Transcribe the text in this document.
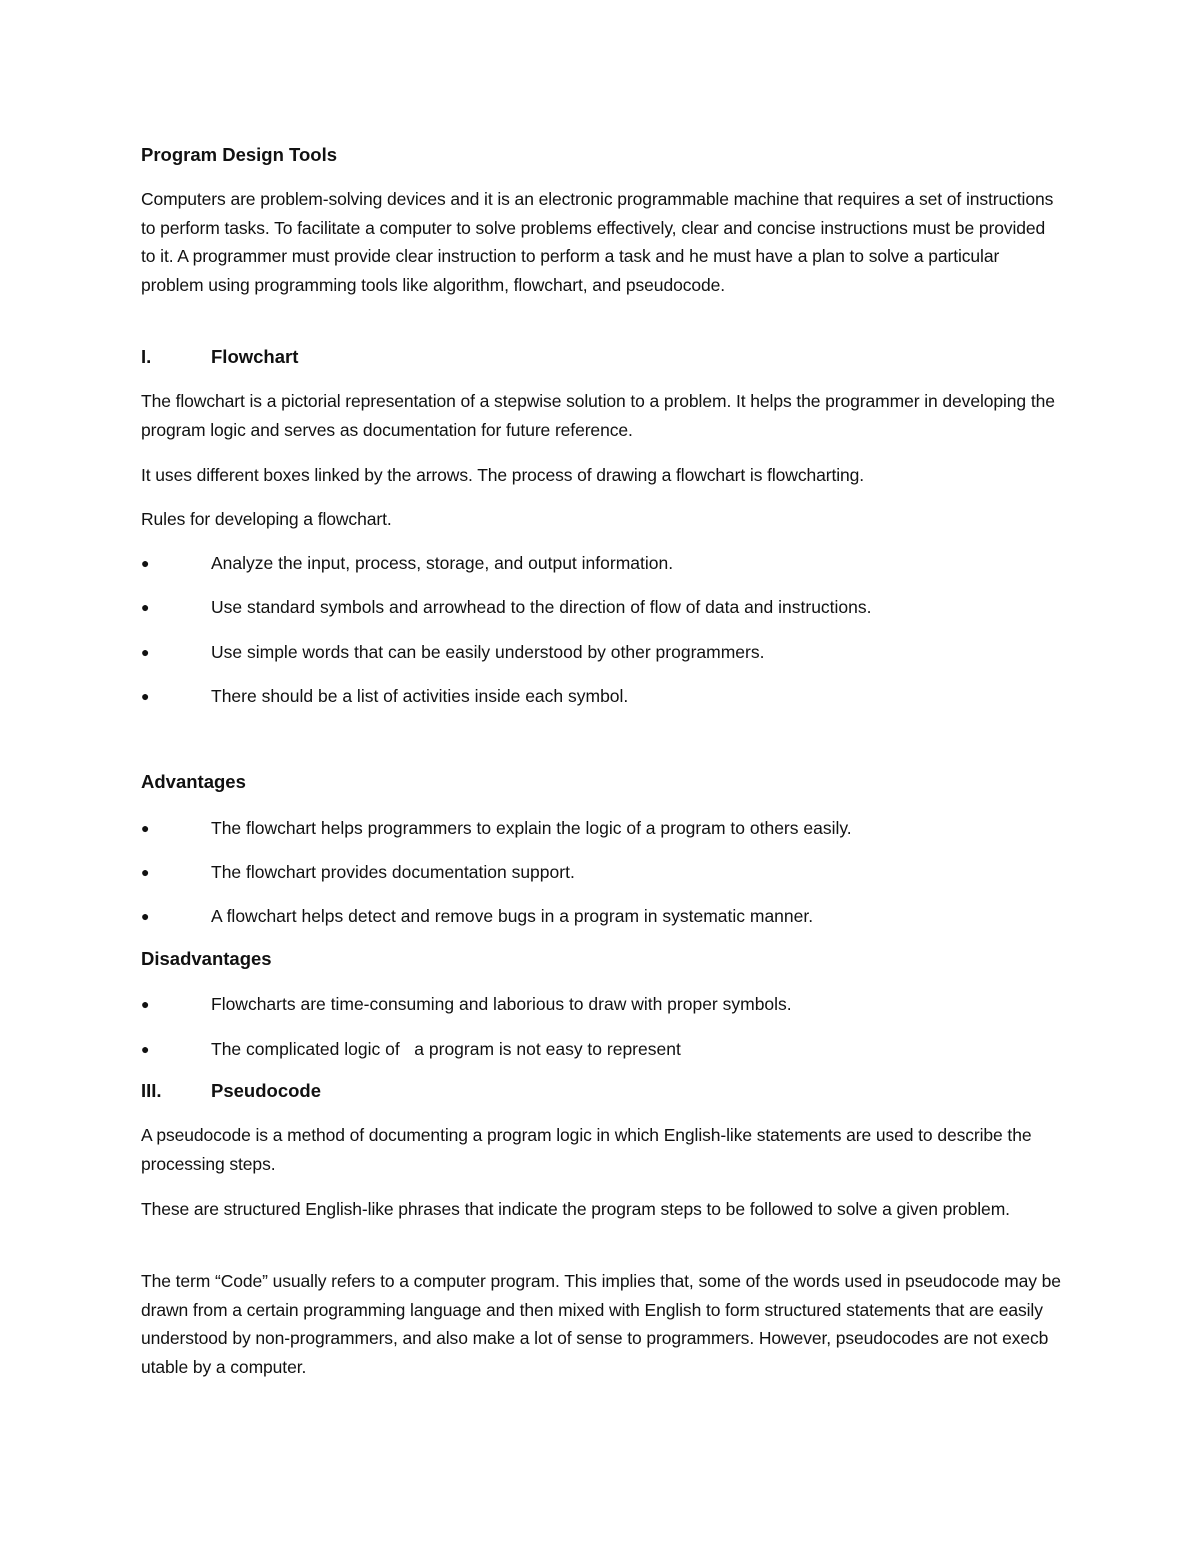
Program Design Tools
Computers are problem-solving devices and it is an electronic programmable machine that requires a set of instructions to perform tasks. To facilitate a computer to solve problems effectively, clear and concise instructions must be provided to it. A programmer must provide clear instruction to perform a task and he must have a plan to solve a particular problem using programming tools like algorithm, flowchart, and pseudocode.
I.	Flowchart
The flowchart is a pictorial representation of a stepwise solution to a problem. It helps the programmer in developing the program logic and serves as documentation for future reference.
It uses different boxes linked by the arrows. The process of drawing a flowchart is flowcharting.
Rules for developing a flowchart.
●	Analyze the input, process, storage, and output information.
●	Use standard symbols and arrowhead to the direction of flow of data and instructions.
●	Use simple words that can be easily understood by other programmers.
●	There should be a list of activities inside each symbol.
Advantages
●	The flowchart helps programmers to explain the logic of a program to others easily.
●	The flowchart provides documentation support.
●	A flowchart helps detect and remove bugs in a program in systematic manner.
Disadvantages
●	Flowcharts are time-consuming and laborious to draw with proper symbols.
●	The complicated logic of   a program is not easy to represent
III.	Pseudocode
A pseudocode is a method of documenting a program logic in which English-like statements are used to describe the processing steps.
These are structured English-like phrases that indicate the program steps to be followed to solve a given problem.
The term “Code” usually refers to a computer program. This implies that, some of the words used in pseudocode may be drawn from a certain programming language and then mixed with English to form structured statements that are easily understood by non-programmers, and also make a lot of sense to programmers. However, pseudocodes are not execb utable by a computer.
